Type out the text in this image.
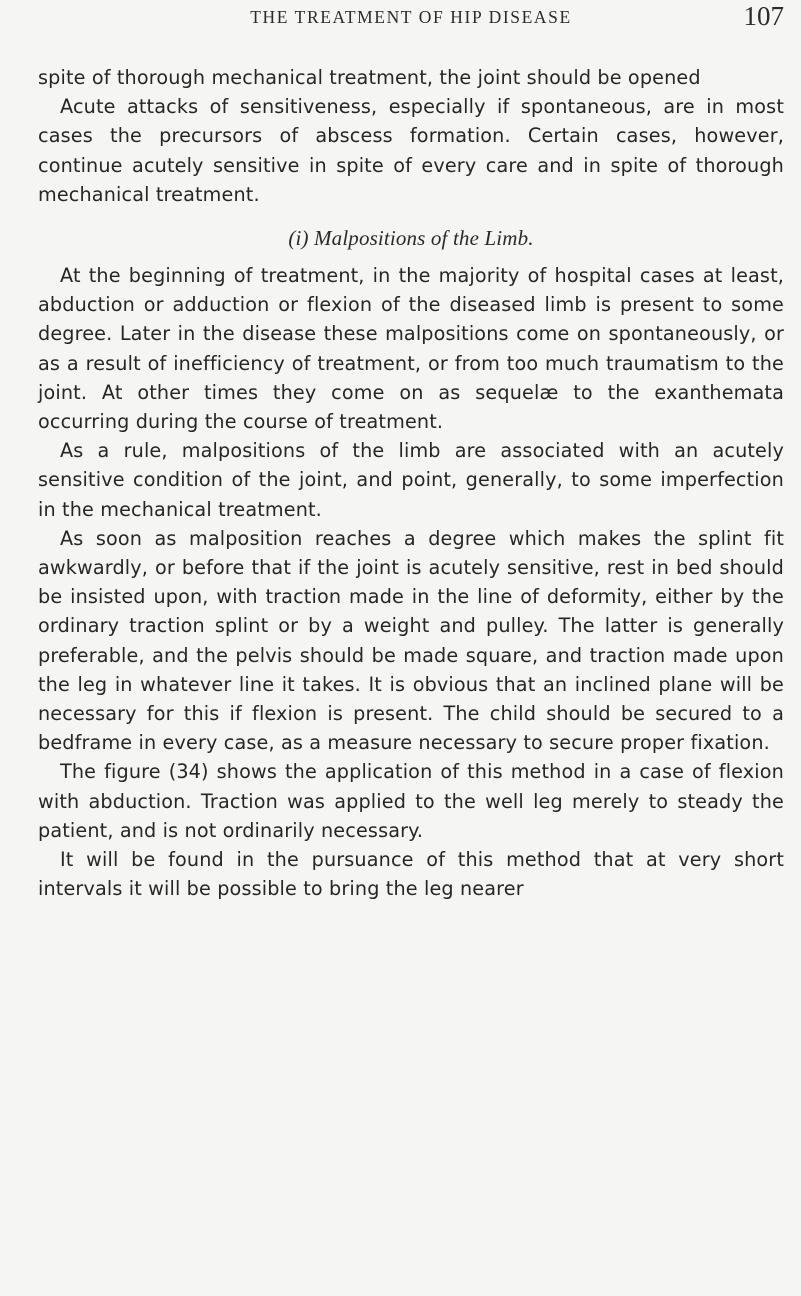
THE TREATMENT OF HIP DISEASE	107

spite of thorough mechanical treatment, the joint should be opened

Acute attacks of sensitiveness, especially if spontaneous, are in most cases the precursors of abscess formation. Certain cases, however, continue acutely sensitive in spite of every care and in spite of thorough mechanical treatment.

(i) Malpositions of the Limb.

At the beginning of treatment, in the majority of hospital cases at least, abduction or adduction or flexion of the diseased limb is present to some degree. Later in the disease these malpositions come on spontaneously, or as a result of inefficiency of treatment, or from too much traumatism to the joint. At other times they come on as sequelæ to the exanthemata occurring during the course of treatment.

As a rule, malpositions of the limb are associated with an acutely sensitive condition of the joint, and point, generally, to some imperfection in the mechanical treatment.

As soon as malposition reaches a degree which makes the splint fit awkwardly, or before that if the joint is acutely sensitive, rest in bed should be insisted upon, with traction made in the line of deformity, either by the ordinary traction splint or by a weight and pulley. The latter is generally preferable, and the pelvis should be made square, and traction made upon the leg in whatever line it takes. It is obvious that an inclined plane will be necessary for this if flexion is present. The child should be secured to a bedframe in every case, as a measure necessary to secure proper fixation.

The figure (34) shows the application of this method in a case of flexion with abduction. Traction was applied to the well leg merely to steady the patient, and is not ordinarily necessary.

It will be found in the pursuance of this method that at very short intervals it will be possible to bring the leg nearer
